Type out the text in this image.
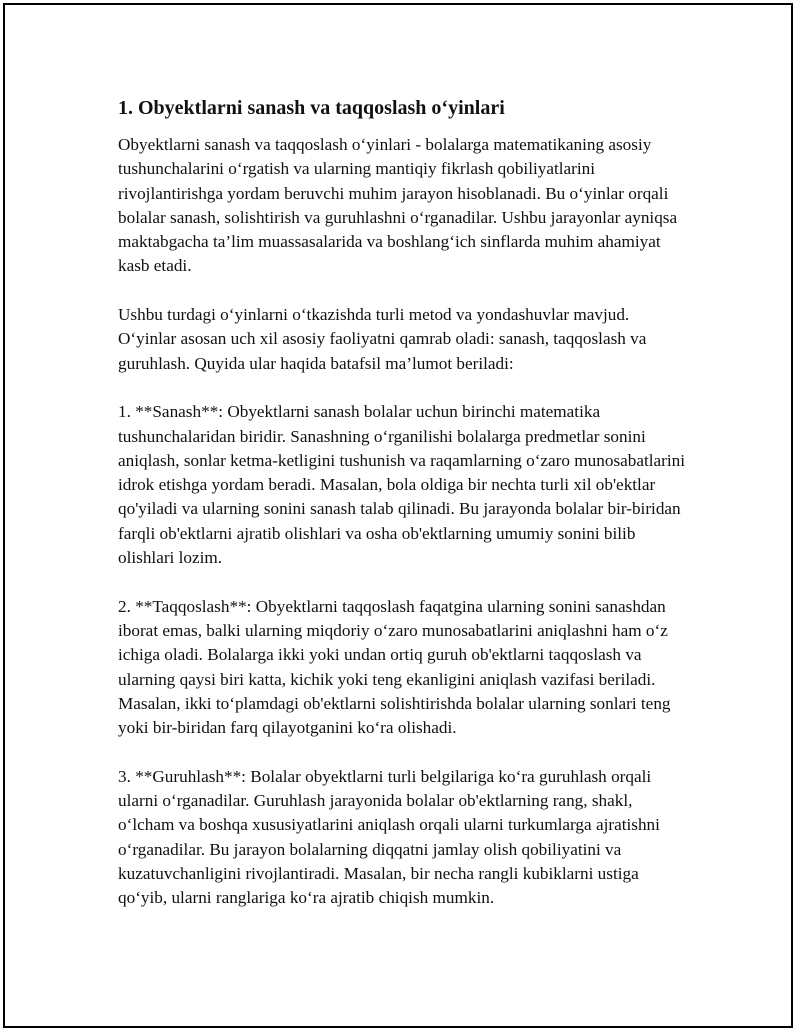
1. Obyektlarni sanash va taqqoslash o‘yinlari

Obyektlarni sanash va taqqoslash o‘yinlari - bolalarga matematikaning asosiy tushunchalarini o‘rgatish va ularning mantiqiy fikrlash qobiliyatlarini rivojlantirishga yordam beruvchi muhim jarayon hisoblanadi. Bu o‘yinlar orqali bolalar sanash, solishtirish va guruhlashni o‘rganadilar. Ushbu jarayonlar ayniqsa maktabgacha ta’lim muassasalarida va boshlang‘ich sinflarda muhim ahamiyat kasb etadi.

Ushbu turdagi o‘yinlarni o‘tkazishda turli metod va yondashuvlar mavjud. O‘yinlar asosan uch xil asosiy faoliyatni qamrab oladi: sanash, taqqoslash va guruhlash. Quyida ular haqida batafsil ma’lumot beriladi:

1. **Sanash**: Obyektlarni sanash bolalar uchun birinchi matematika tushunchalaridan biridir. Sanashning o‘rganilishi bolalarga predmetlar sonini aniqlash, sonlar ketma-ketligini tushunish va raqamlarning o‘zaro munosabatlarini idrok etishga yordam beradi. Masalan, bola oldiga bir nechta turli xil ob'ektlar qo'yiladi va ularning sonini sanash talab qilinadi. Bu jarayonda bolalar bir-biridan farqli ob'ektlarni ajratib olishlari va osha ob'ektlarning umumiy sonini bilib olishlari lozim.

2. **Taqqoslash**: Obyektlarni taqqoslash faqatgina ularning sonini sanashdan iborat emas, balki ularning miqdoriy o‘zaro munosabatlarini aniqlashni ham o‘z ichiga oladi. Bolalarga ikki yoki undan ortiq guruh ob'ektlarni taqqoslash va ularning qaysi biri katta, kichik yoki teng ekanligini aniqlash vazifasi beriladi. Masalan, ikki to‘plamdagi ob'ektlarni solishtirishda bolalar ularning sonlari teng yoki bir-biridan farq qilayotganini ko‘ra olishadi.

3. **Guruhlash**: Bolalar obyektlarni turli belgilariga ko‘ra guruhlash orqali ularni o‘rganadilar. Guruhlash jarayonida bolalar ob'ektlarning rang, shakl, o‘lcham va boshqa xususiyatlarini aniqlash orqali ularni turkumlarga ajratishni o‘rganadilar. Bu jarayon bolalarning diqqatni jamlay olish qobiliyatini va kuzatuvchanligini rivojlantiradi. Masalan, bir necha rangli kubiklarni ustiga qo‘yib, ularni ranglariga ko‘ra ajratib chiqish mumkin.
